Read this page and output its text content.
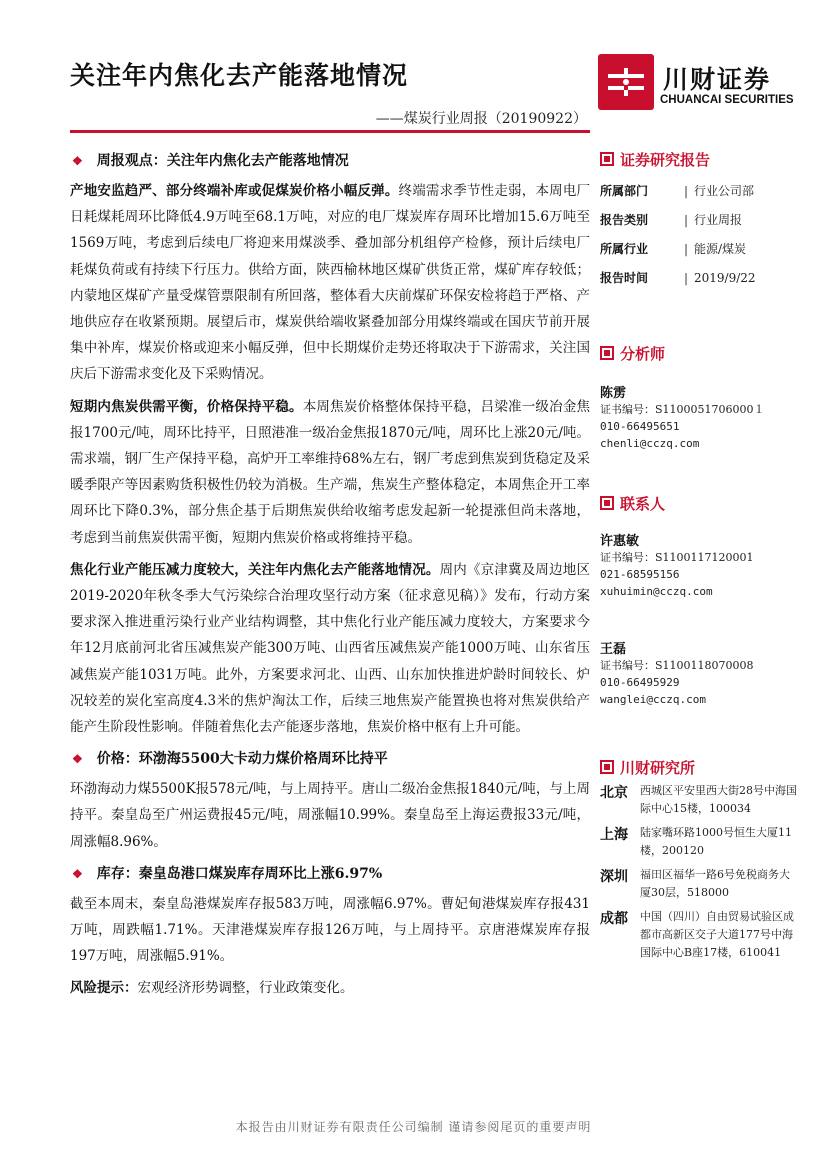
关注年内焦化去产能落地情况
——煤炭行业周报（20190922）
川财证券
CHUANCAI SECURITIES
❖ 周报观点：关注年内焦化去产能落地情况

产地安监趋严、部分终端补库或促煤炭价格小幅反弹。终端需求季节性走弱，本周电厂日耗煤耗周环比降低4.9万吨至68.1万吨，对应的电厂煤炭库存周环比增加15.6万吨至1569万吨，考虑到后续电厂将迎来用煤淡季、叠加部分机组停产检修，预计后续电厂耗煤负荷或有持续下行压力。供给方面，陕西榆林地区煤矿供货正常，煤矿库存较低；内蒙地区煤矿产量受煤管票限制有所回落，整体看大庆前煤矿环保安检将趋于严格、产地供应存在收紧预期。展望后市，煤炭供给端收紧叠加部分用煤终端或在国庆节前开展集中补库，煤炭价格或迎来小幅反弹，但中长期煤价走势还将取决于下游需求，关注国庆后下游需求变化及下采购情况。

短期内焦炭供需平衡，价格保持平稳。本周焦炭价格整体保持平稳，吕梁准一级冶金焦报1700元/吨，周环比持平，日照港准一级冶金焦报1870元/吨，周环比上涨20元/吨。需求端，钢厂生产保持平稳，高炉开工率维持68%左右，钢厂考虑到焦炭到货稳定及采暖季限产等因素购货积极性仍较为消极。生产端，焦炭生产整体稳定，本周焦企开工率周环比下降0.3%，部分焦企基于后期焦炭供给收缩考虑发起新一轮提涨但尚未落地，考虑到当前焦炭供需平衡，短期内焦炭价格或将维持平稳。

焦化行业产能压减力度较大，关注年内焦化去产能落地情况。周内《京津冀及周边地区2019-2020年秋冬季大气污染综合治理攻坚行动方案（征求意见稿）》发布，行动方案要求深入推进重污染行业产业结构调整，其中焦化行业产能压减力度较大，方案要求今年12月底前河北省压减焦炭产能300万吨、山西省压减焦炭产能1000万吨、山东省压减焦炭产能1031万吨。此外，方案要求河北、山西、山东加快推进炉龄时间较长、炉况较差的炭化室高度4.3米的焦炉淘汰工作，后续三地焦炭产能置换也将对焦炭供给产能产生阶段性影响。伴随着焦化去产能逐步落地，焦炭价格中枢有上升可能。

❖ 价格：环渤海5500大卡动力煤价格周环比持平

环渤海动力煤5500K报578元/吨，与上周持平。唐山二级冶金焦报1840元/吨，与上周持平。秦皇岛至广州运费报45元/吨，周涨幅10.99%。秦皇岛至上海运费报33元/吨，周涨幅8.96%。

❖ 库存：秦皇岛港口煤炭库存周环比上涨6.97%

截至本周末，秦皇岛港煤炭库存报583万吨，周涨幅6.97%。曹妃甸港煤炭库存报431万吨，周跌幅1.71%。天津港煤炭库存报126万吨，与上周持平。京唐港煤炭库存报197万吨，周涨幅5.91%。

风险提示：宏观经济形势调整，行业政策变化。

证券研究报告
所属部门	| 行业公司部
报告类别	| 行业周报
所属行业	| 能源/煤炭
报告时间	| 2019/9/22
分析师
陈雳
证书编号：S1100051706000１
010-66495651
chenli@cczq.com
联系人
许惠敏
证书编号：S1100117120001
021-68595156
xuhuimin@cczq.com
王磊
证书编号：S1100118070008
010-66495929
wanglei@cczq.com
川财研究所
北京	西城区平安里西大街28号中海国际中心15楼，100034
上海	陆家嘴环路1000号恒生大厦11楼，200120
深圳	福田区福华一路6号免税商务大厦30层，518000
成都	中国（四川）自由贸易试验区成都市高新区交子大道177号中海国际中心B座17楼，610041
本报告由川财证券有限责任公司编制 谨请参阅尾页的重要声明
